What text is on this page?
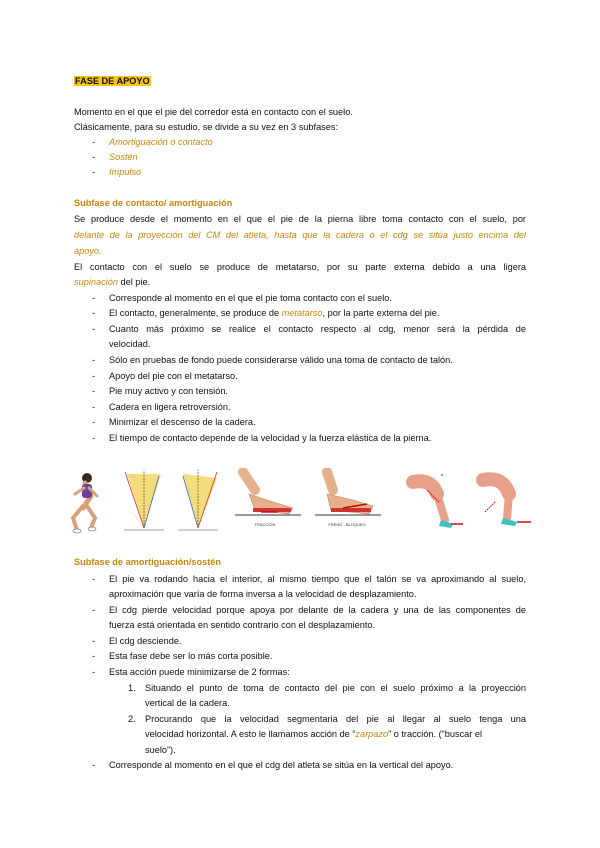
FASE DE APOYO
Momento en el que el pie del corredor está en contacto con el suelo.
Clásicamente, para su estudio, se divide a su vez en 3 subfases:
- Amortiguación o contacto
- Sostén
- Impulso
Subfase de contacto/ amortiguación
Se produce desde el momento en el que el pie de la pierna libre toma contacto con el suelo, por
delante de la proyección del CM del atleta, hasta que la cadera o el cdg se sitúa justo encima del
apoyo.
El contacto con el suelo se produce de metatarso, por su parte externa debido a una ligera
supinación del pie.
- Corresponde al momento en el que el pie toma contacto con el suelo.
- El contacto, generalmente, se produce de metatarso, por la parte externa del pie.
- Cuanto más próximo se realice el contacto respecto al cdg, menor será la pérdida de
velocidad.
- Sólo en pruebas de fondo puede considerarse válido una toma de contacto de talón.
- Apoyo del pie con el metatarso.
- Pie muy activo y con tensión.
- Cadera en ligera retroversión.
- Minimizar el descenso de la cadera.
- El tiempo de contacto depende de la velocidad y la fuerza elástica de la pierna.
TRACCIÓN	FRENO - BLOQUEO
a	b
Subfase de amortiguación/sostén
- El pie va rodando hacia el interior, al mismo tiempo que el talón se va aproximando al suelo,
aproximación que varía de forma inversa a la velocidad de desplazamiento.
- El cdg pierde velocidad porque apoya por delante de la cadera y una de las componentes de
fuerza está orientada en sentido contrario con el desplazamiento.
- El cdg desciende.
- Esta fase debe ser lo más corta posible.
- Esta acción puede minimizarse de 2 formas:
1. Situando el punto de toma de contacto del pie con el suelo próximo a la proyección
vertical de la cadera.
2. Procurando que la velocidad segmentaria del pie al llegar al suelo tenga una
velocidad horizontal. A esto le llamamos acción de “zarpazo” o tracción. (“buscar el
suelo”).
- Corresponde al momento en el que el cdg del atleta se sitúa en la vertical del apoyo.
